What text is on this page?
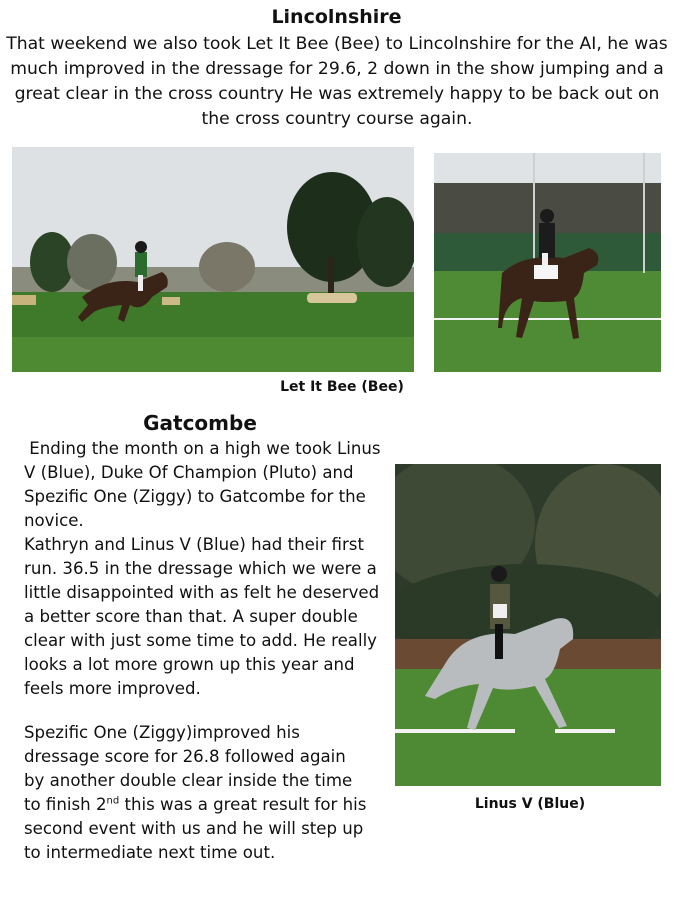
Lincolnshire
That weekend we also took Let It Bee (Bee) to Lincolnshire for the AI, he was much improved in the dressage for 29.6, 2 down in the show jumping and a great clear in the cross country He was extremely happy to be back out on the cross country course again.
Let It Bee (Bee)
Gatcombe
Ending the month on a high we took Linus V (Blue), Duke Of Champion (Pluto) and Spezific One (Ziggy) to Gatcombe for the novice.
Kathryn and Linus V (Blue) had their first run. 36.5 in the dressage which we were a little disappointed with as felt he deserved a better score than that. A super double clear with just some time to add. He really looks a lot more grown up this year and feels more improved.
Spezific One (Ziggy)improved his dressage score for 26.8 followed again by another double clear inside the time to finish 2nd this was a great result for his second event with us and he will step up to intermediate next time out.
Linus V (Blue)
